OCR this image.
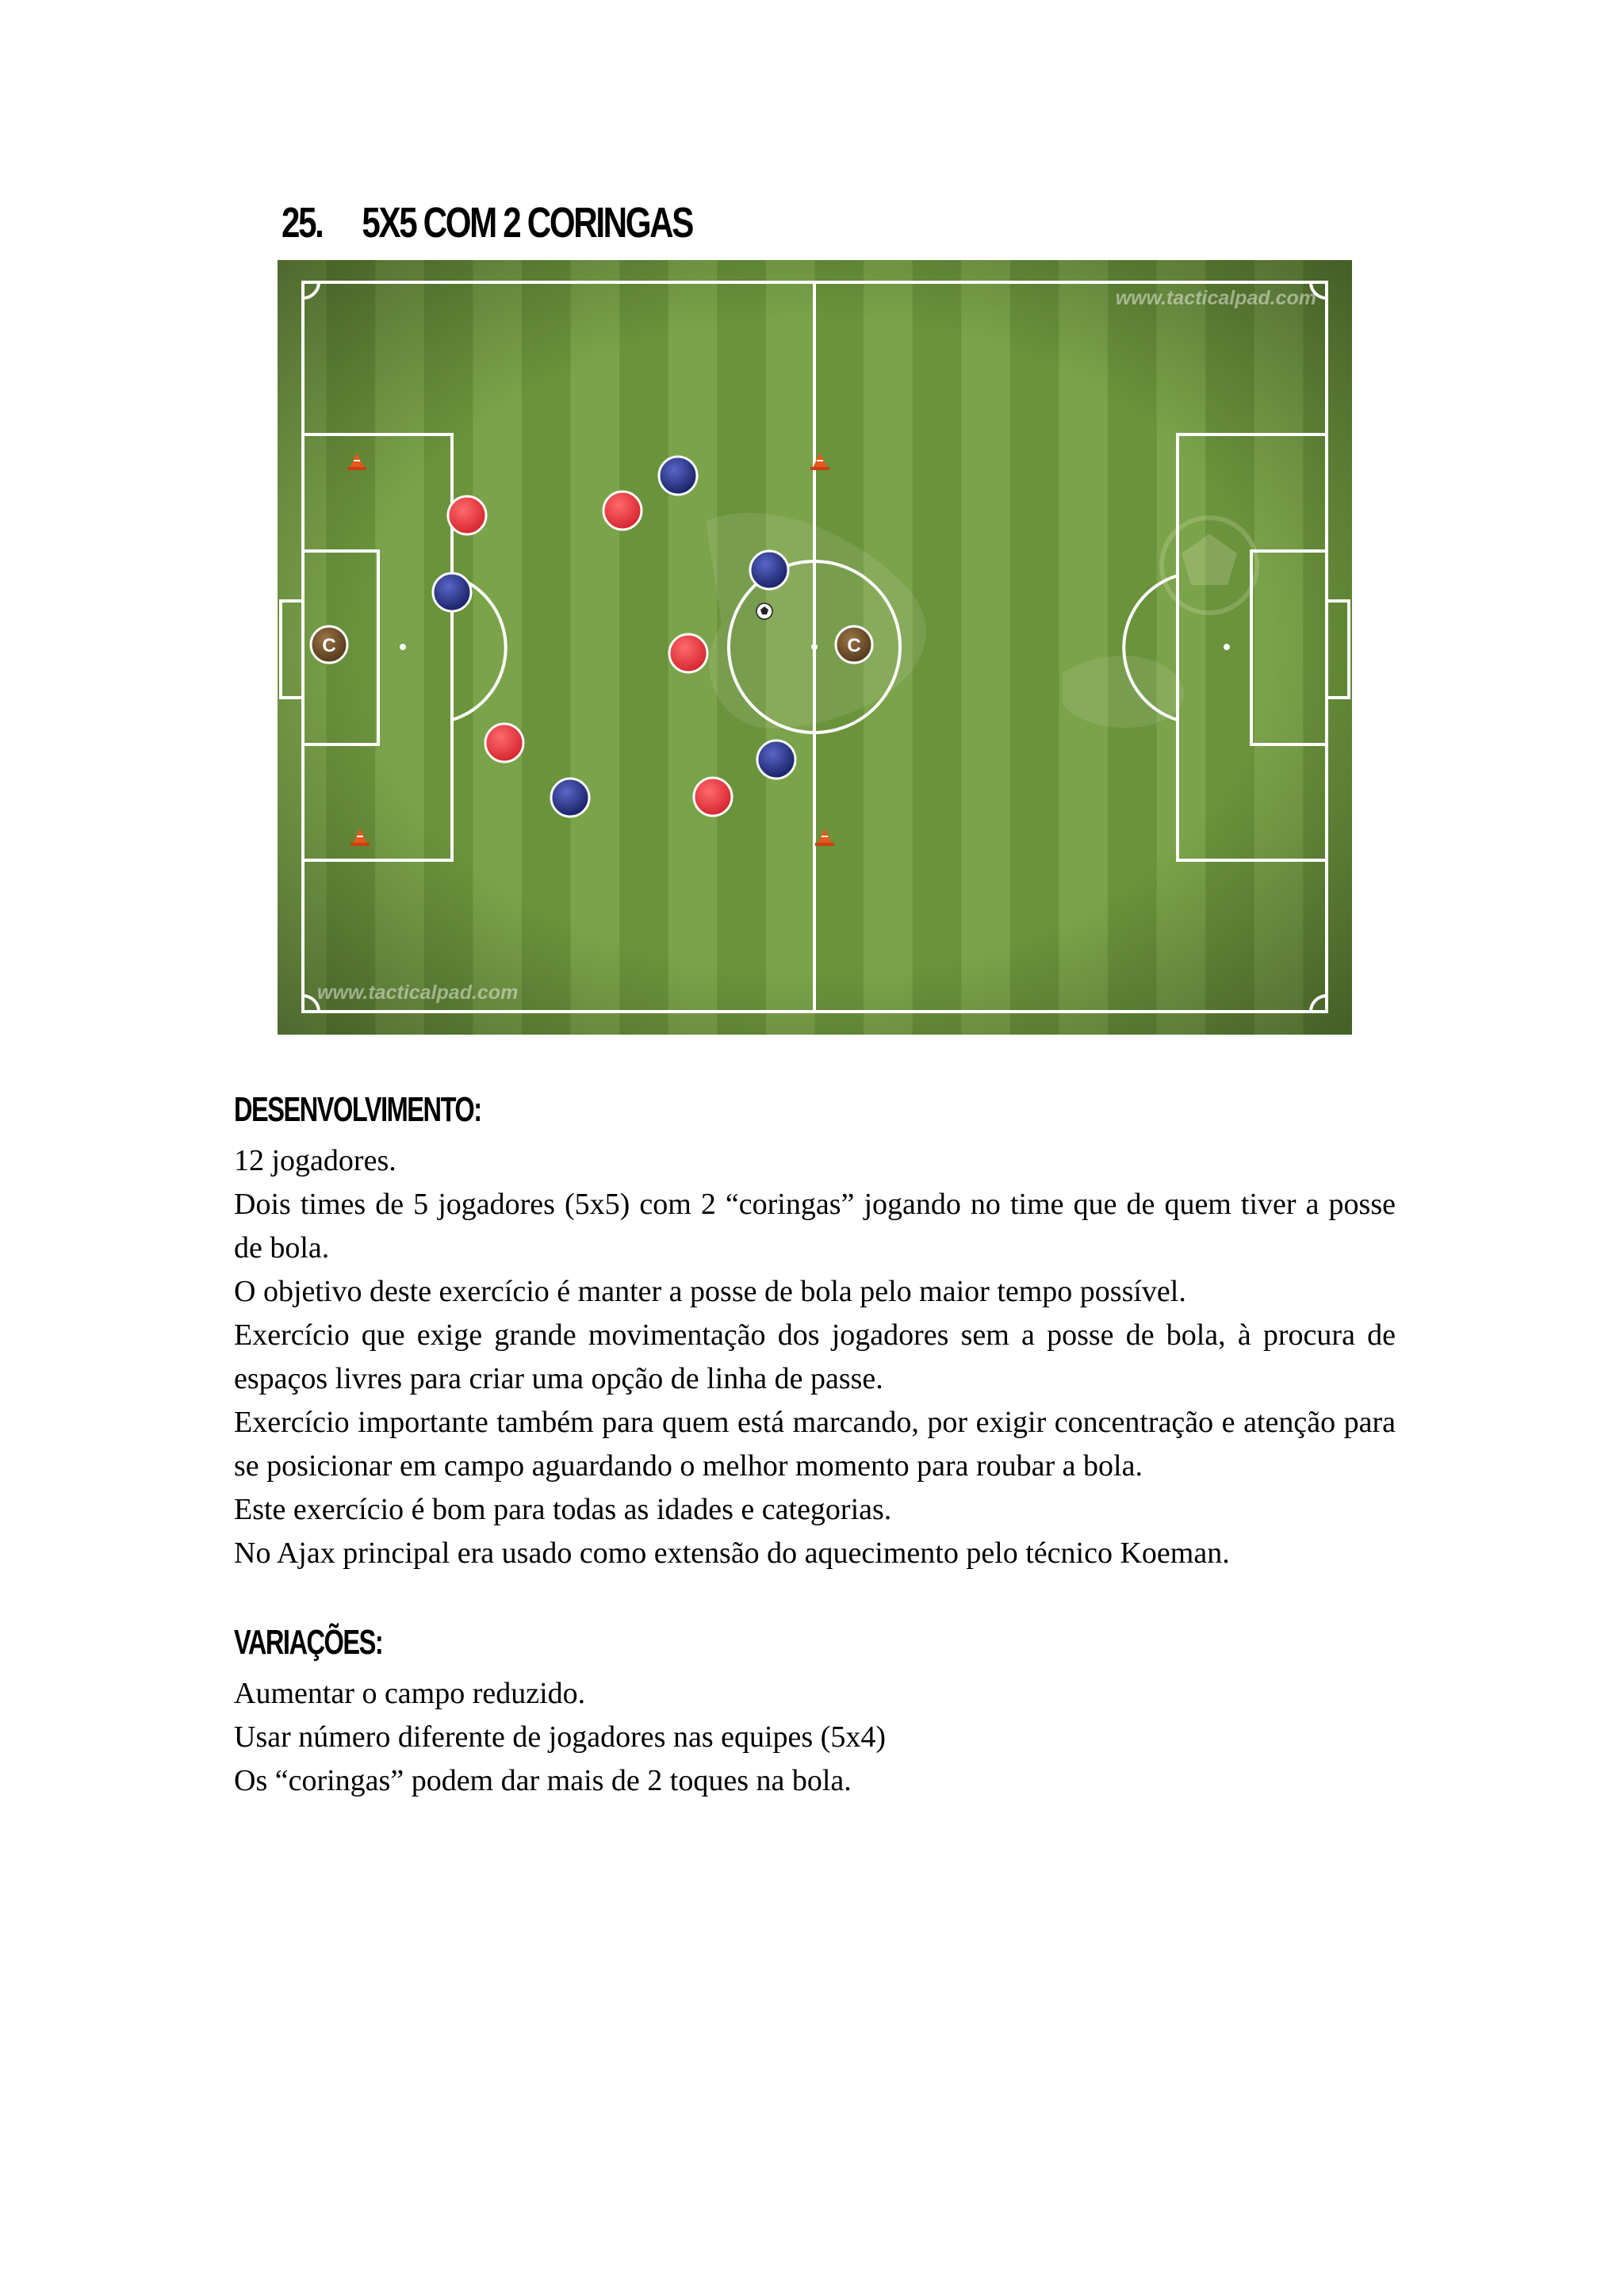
25. 5X5 COM 2 CORINGAS
www.tacticalpad.com
www.tacticalpad.com
C	C
DESENVOLVIMENTO:

12 jogadores.

Dois times de 5 jogadores (5x5) com 2 “coringas” jogando no time que de quem tiver a posse de bola.

O objetivo deste exercício é manter a posse de bola pelo maior tempo possível.

Exercício que exige grande movimentação dos jogadores sem a posse de bola, à procura de espaços livres para criar uma opção de linha de passe.

Exercício importante também para quem está marcando, por exigir concentração e atenção para se posicionar em campo aguardando o melhor momento para roubar a bola.

Este exercício é bom para todas as idades e categorias.

No Ajax principal era usado como extensão do aquecimento pelo técnico Koeman.

VARIAÇÕES:

Aumentar o campo reduzido.

Usar número diferente de jogadores nas equipes (5x4)

Os “coringas” podem dar mais de 2 toques na bola.
